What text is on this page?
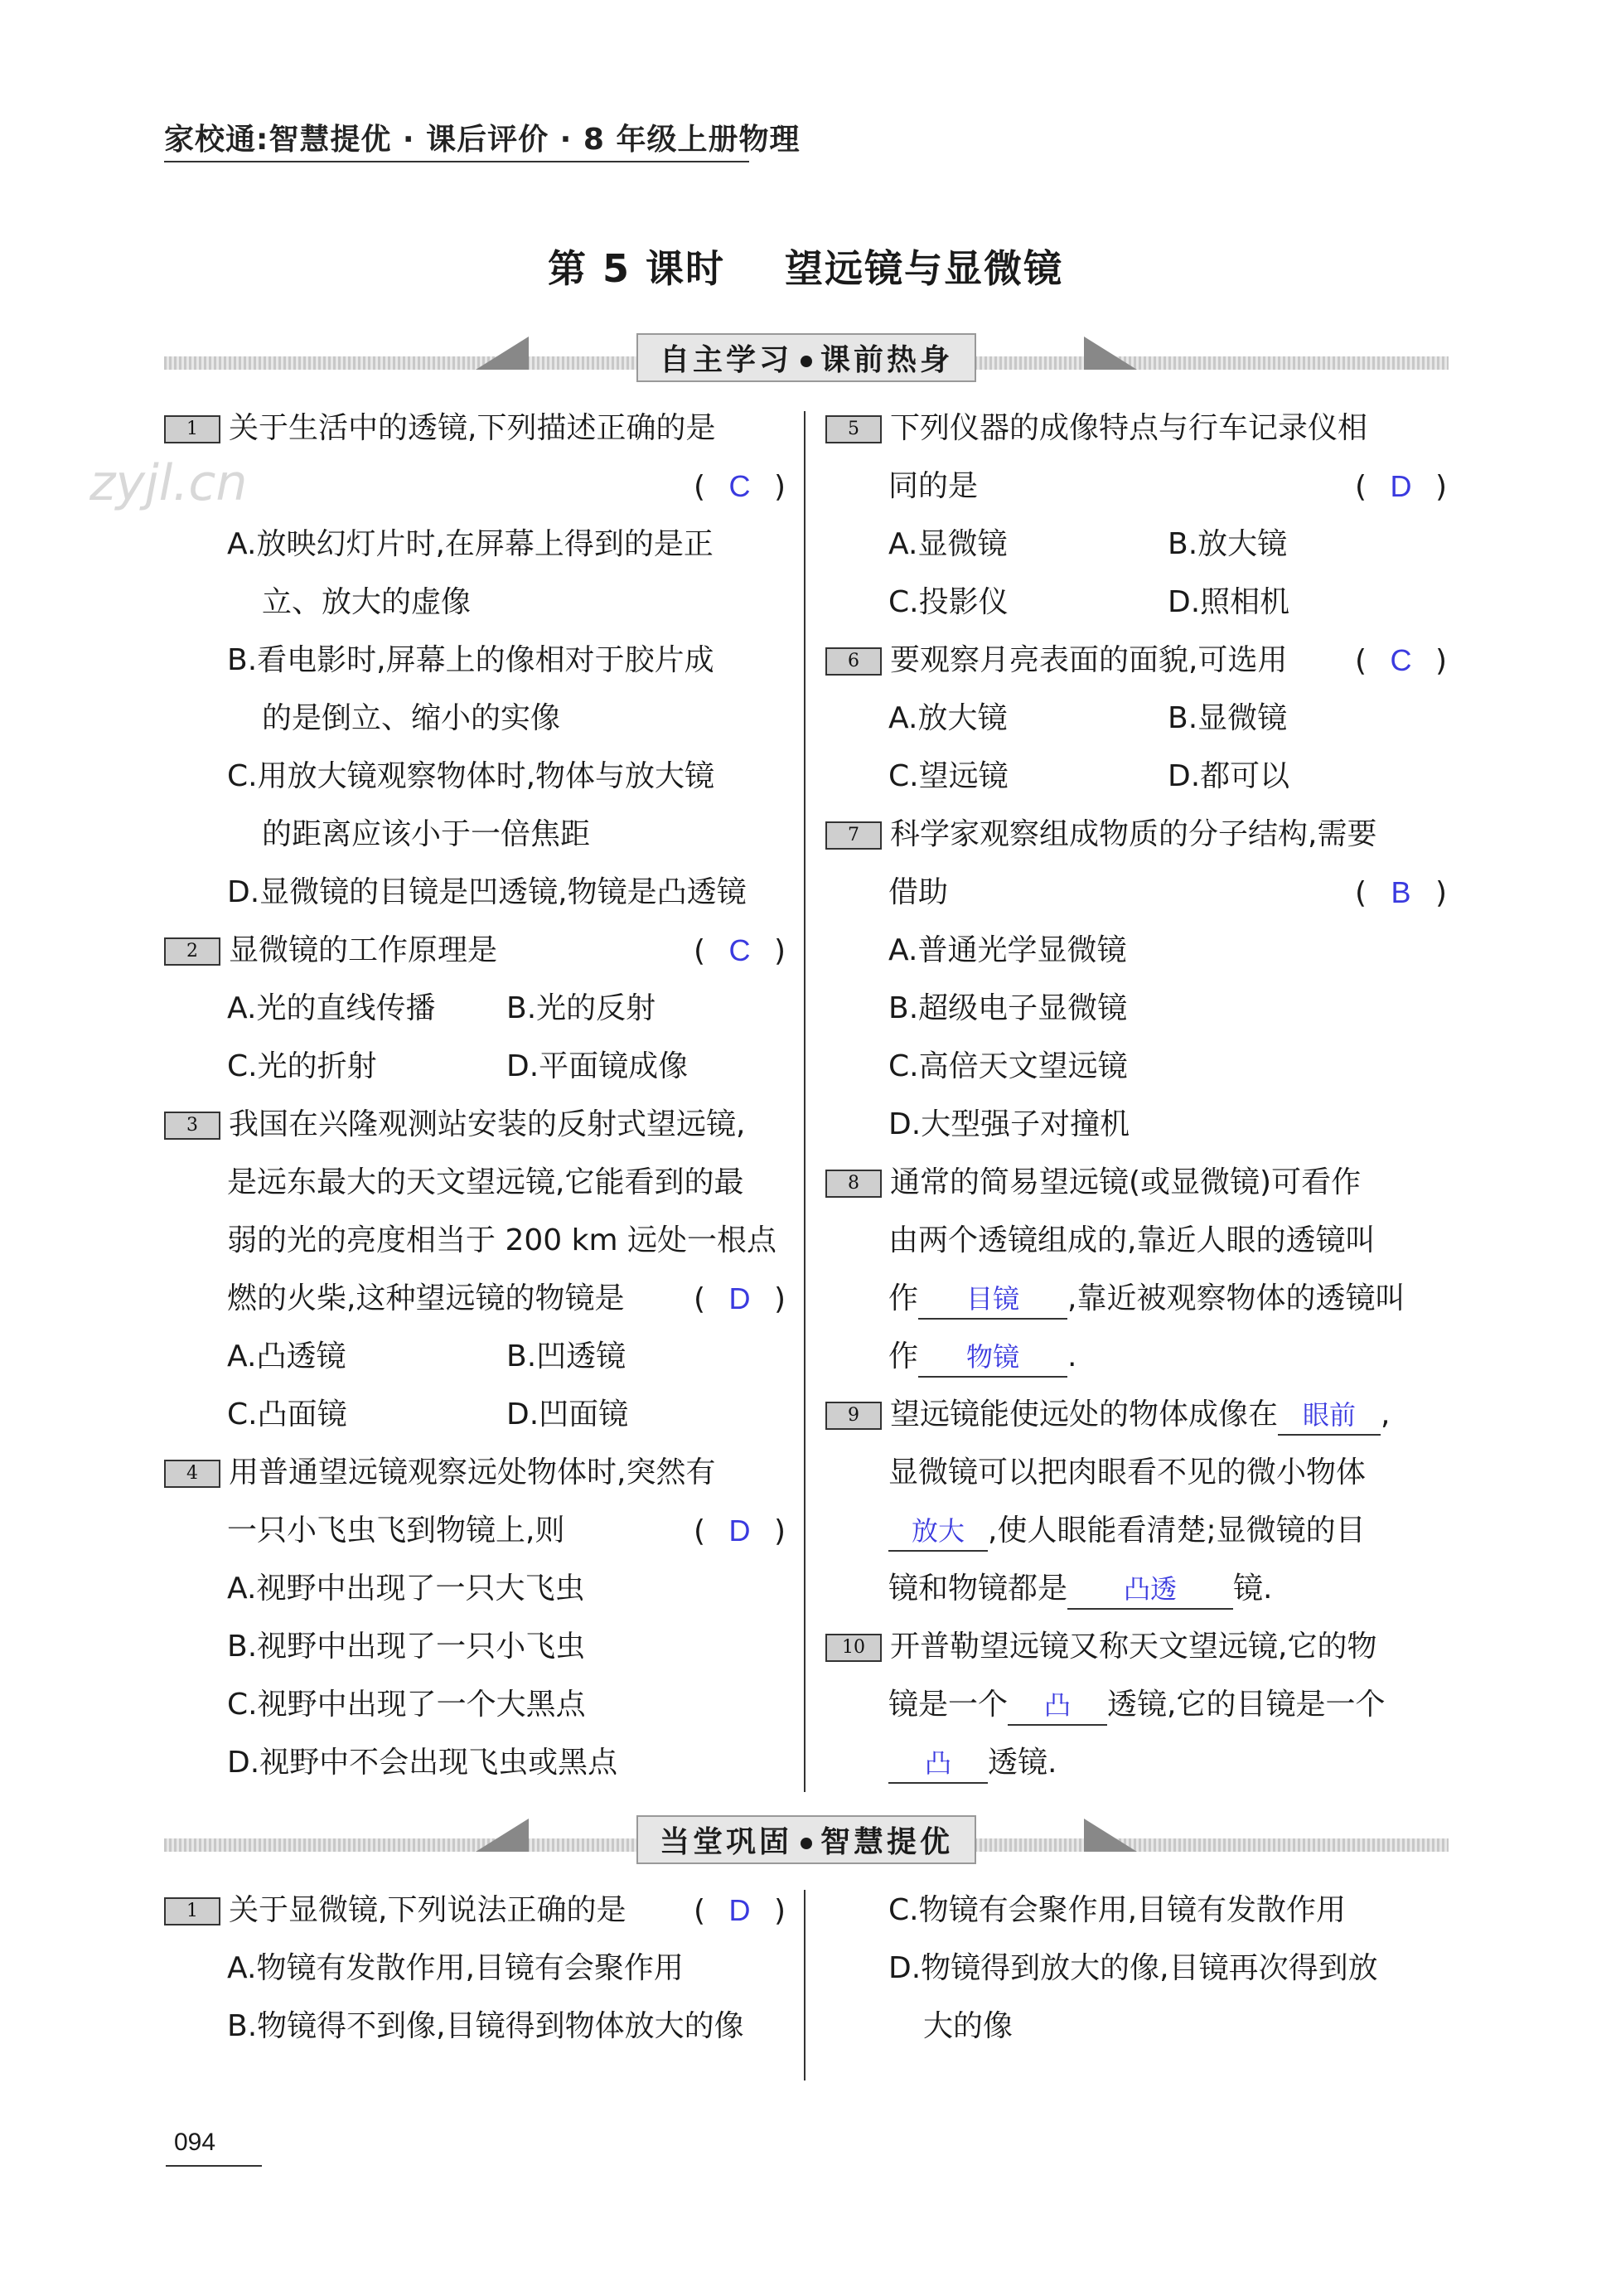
家校通:智慧提优 · 课后评价 · 8 年级上册物理
第 5 课时    望远镜与显微镜
zyjl.cn
自主学习 课前热身
1 关于生活中的透镜,下列描述正确的是
( C )
A.放映幻灯片时,在屏幕上得到的是正
立、放大的虚像
B.看电影时,屏幕上的像相对于胶片成
的是倒立、缩小的实像
C.用放大镜观察物体时,物体与放大镜
的距离应该小于一倍焦距
D.显微镜的目镜是凹透镜,物镜是凸透镜
2 显微镜的工作原理是	( C )
A.光的直线传播	B.光的反射
C.光的折射	D.平面镜成像
3 我国在兴隆观测站安装的反射式望远镜,
是远东最大的天文望远镜,它能看到的最
弱的光的亮度相当于 200 km 远处一根点
燃的火柴,这种望远镜的物镜是 ( D )
A.凸透镜	B.凹透镜
C.凸面镜	D.凹面镜
4 用普通望远镜观察远处物体时,突然有
一只小飞虫飞到物镜上,则	( D )
A.视野中出现了一只大飞虫
B.视野中出现了一只小飞虫
C.视野中出现了一个大黑点
D.视野中不会出现飞虫或黑点
5 下列仪器的成像特点与行车记录仪相
同的是	( D )
A.显微镜	B.放大镜
C.投影仪	D.照相机
6 要观察月亮表面的面貌,可选用 ( C )
A.放大镜	B.显微镜
C.望远镜	D.都可以
7 科学家观察组成物质的分子结构,需要
借助	( B )
A.普通光学显微镜
B.超级电子显微镜
C.高倍天文望远镜
D.大型强子对撞机
8 通常的简易望远镜(或显微镜)可看作
由两个透镜组成的,靠近人眼的透镜叫
作 目镜 ,靠近被观察物体的透镜叫
作 物镜 .
9 望远镜能使远处的物体成像在 眼前 ,
显微镜可以把肉眼看不见的微小物体
放大 ,使人眼能看清楚;显微镜的目
镜和物镜都是 凸透 镜.
10 开普勒望远镜又称天文望远镜,它的物
镜是一个 凸 透镜,它的目镜是一个
凸 透镜.
当堂巩固 智慧提优
1 关于显微镜,下列说法正确的是 ( D )
A.物镜有发散作用,目镜有会聚作用
B.物镜得不到像,目镜得到物体放大的像
C.物镜有会聚作用,目镜有发散作用
D.物镜得到放大的像,目镜再次得到放
大的像
094
